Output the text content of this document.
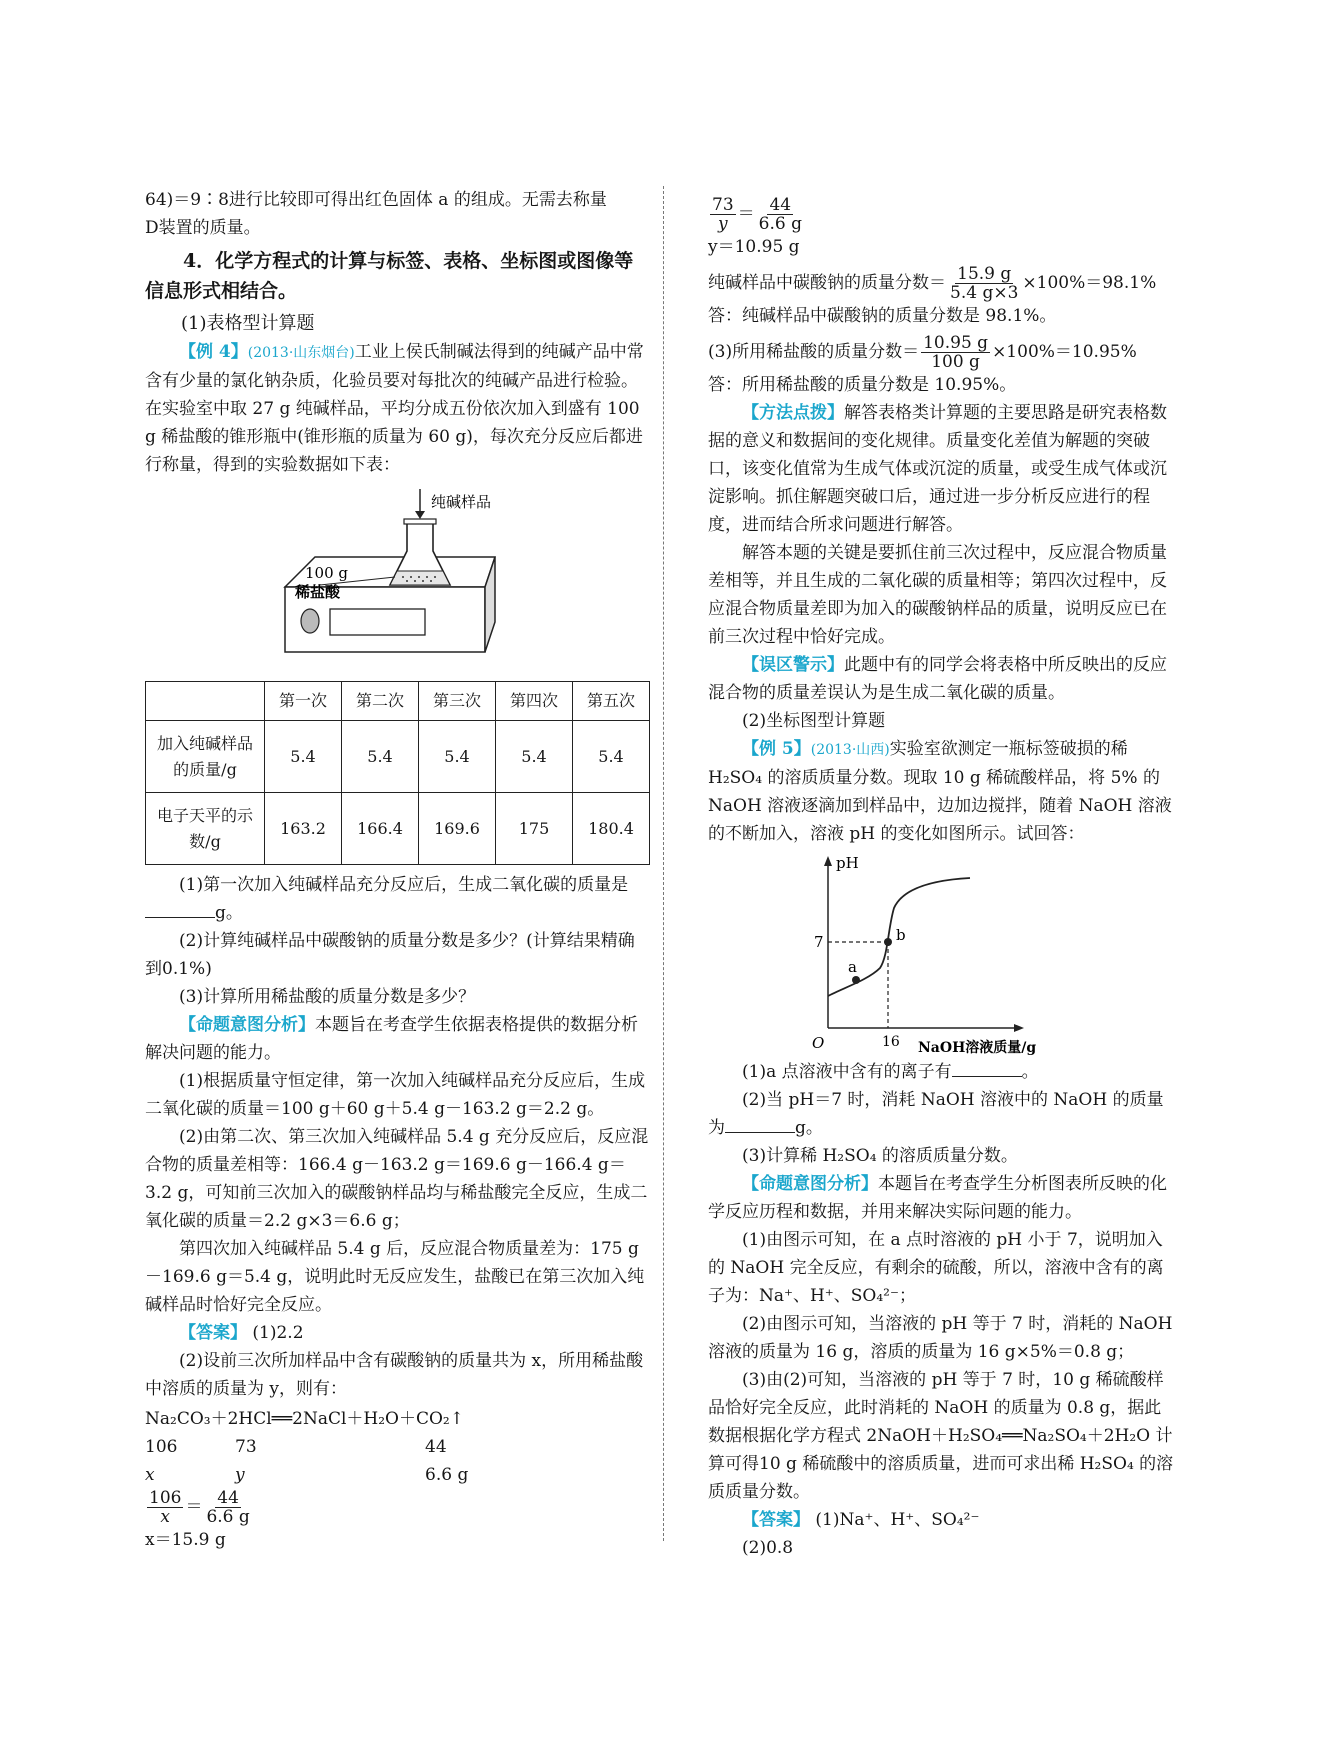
64)＝9∶8进行比较即可得出红色固体 a 的组成。无需去称量

D装置的质量。

4．化学方程式的计算与标签、表格、坐标图或图像等信息形式相结合。

(1)表格型计算题

【例 4】(2013·山东烟台)工业上侯氏制碱法得到的纯碱产品中常含有少量的氯化钠杂质，化验员要对每批次的纯碱产品进行检验。在实验室中取 27 g 纯碱样品，平均分成五份依次加入到盛有 100 g 稀盐酸的锥形瓶中(锥形瓶的质量为 60 g)，每次充分反应后都进行称量，得到的实验数据如下表：

纯碱样品
100 g
稀盐酸
	第一次	第二次	第三次	第四次	第五次
加入纯碱样品的质量/g	5.4	5.4	5.4	5.4	5.4
电子天平的示数/g	163.2	166.4	169.6	175	180.4

(1)第一次加入纯碱样品充分反应后，生成二氧化碳的质量是g。

(2)计算纯碱样品中碳酸钠的质量分数是多少？(计算结果精确到0.1%)

(3)计算所用稀盐酸的质量分数是多少？

【命题意图分析】本题旨在考查学生依据表格提供的数据分析解决问题的能力。

(1)根据质量守恒定律，第一次加入纯碱样品充分反应后，生成二氧化碳的质量＝100 g＋60 g＋5.4 g－163.2 g＝2.2 g。

(2)由第二次、第三次加入纯碱样品 5.4 g 充分反应后，反应混合物的质量差相等：166.4 g－163.2 g＝169.6 g－166.4 g＝3.2 g，可知前三次加入的碳酸钠样品均与稀盐酸完全反应，生成二氧化碳的质量＝2.2 g×3＝6.6 g；

第四次加入纯碱样品 5.4 g 后，反应混合物质量差为：175 g－169.6 g＝5.4 g，说明此时无反应发生，盐酸已在第三次加入纯碱样品时恰好完全反应。

【答案】 (1)2.2

(2)设前三次所加样品中含有碳酸钠的质量共为 x，所用稀盐酸中溶质的质量为 y，则有：

Na₂CO₃＋2HCl══2NaCl＋H₂O＋CO₂↑

106	73	44
x	y	6.6 g

$\frac{106}{x} = \frac{44}{6.6 g}$

x＝15.9 g

$\frac{73}{y} = \frac{44}{6.6 g}$

y＝10.95 g

纯碱样品中碳酸钠的质量分数＝ $\frac{15.9 g}{5.4 g\times 3} \times 100\%=98.1\%$

答：纯碱样品中碳酸钠的质量分数是 98.1%。

(3)所用稀盐酸的质量分数＝ $\frac{10.95 g}{100 g} \times 100\%=10.95\%$

答：所用稀盐酸的质量分数是 10.95%。

【方法点拨】解答表格类计算题的主要思路是研究表格数据的意义和数据间的变化规律。质量变化差值为解题的突破口，该变化值常为生成气体或沉淀的质量，或受生成气体或沉淀影响。抓住解题突破口后，通过进一步分析反应进行的程度，进而结合所求问题进行解答。

解答本题的关键是要抓住前三次过程中，反应混合物质量差相等，并且生成的二氧化碳的质量相等；第四次过程中，反应混合物质量差即为加入的碳酸钠样品的质量，说明反应已在前三次过程中恰好完成。

【误区警示】此题中有的同学会将表格中所反映出的反应混合物的质量差误认为是生成二氧化碳的质量。

(2)坐标图型计算题

【例 5】(2013·山西)实验室欲测定一瓶标签破损的稀 H₂SO₄ 的溶质质量分数。现取 10 g 稀硫酸样品，将 5% 的 NaOH 溶液逐滴加到样品中，边加边搅拌，随着 NaOH 溶液的不断加入，溶液 pH 的变化如图所示。试回答：

pH
NaOH溶液质量/g
O
7
16
a
b

(1)a 点溶液中含有的离子有	。

(2)当 pH＝7 时，消耗 NaOH 溶液中的 NaOH 的质量为	g。

(3)计算稀 H₂SO₄ 的溶质质量分数。

【命题意图分析】本题旨在考查学生分析图表所反映的化学反应历程和数据，并用来解决实际问题的能力。

(1)由图示可知，在 a 点时溶液的 pH 小于 7，说明加入的 NaOH 完全反应，有剩余的硫酸，所以，溶液中含有的离子为：Na⁺、H⁺、SO₄²⁻；

(2)由图示可知，当溶液的 pH 等于 7 时，消耗的 NaOH 溶液的质量为 16 g，溶质的质量为 16 g×5%＝0.8 g；

(3)由(2)可知，当溶液的 pH 等于 7 时，10 g 稀硫酸样品恰好完全反应，此时消耗的 NaOH 的质量为 0.8 g，据此数据根据化学方程式 2NaOH＋H₂SO₄══Na₂SO₄＋2H₂O 计算可得10 g 稀硫酸中的溶质质量，进而可求出稀 H₂SO₄ 的溶质质量分数。

【答案】 (1)Na⁺、H⁺、SO₄²⁻

(2)0.8
